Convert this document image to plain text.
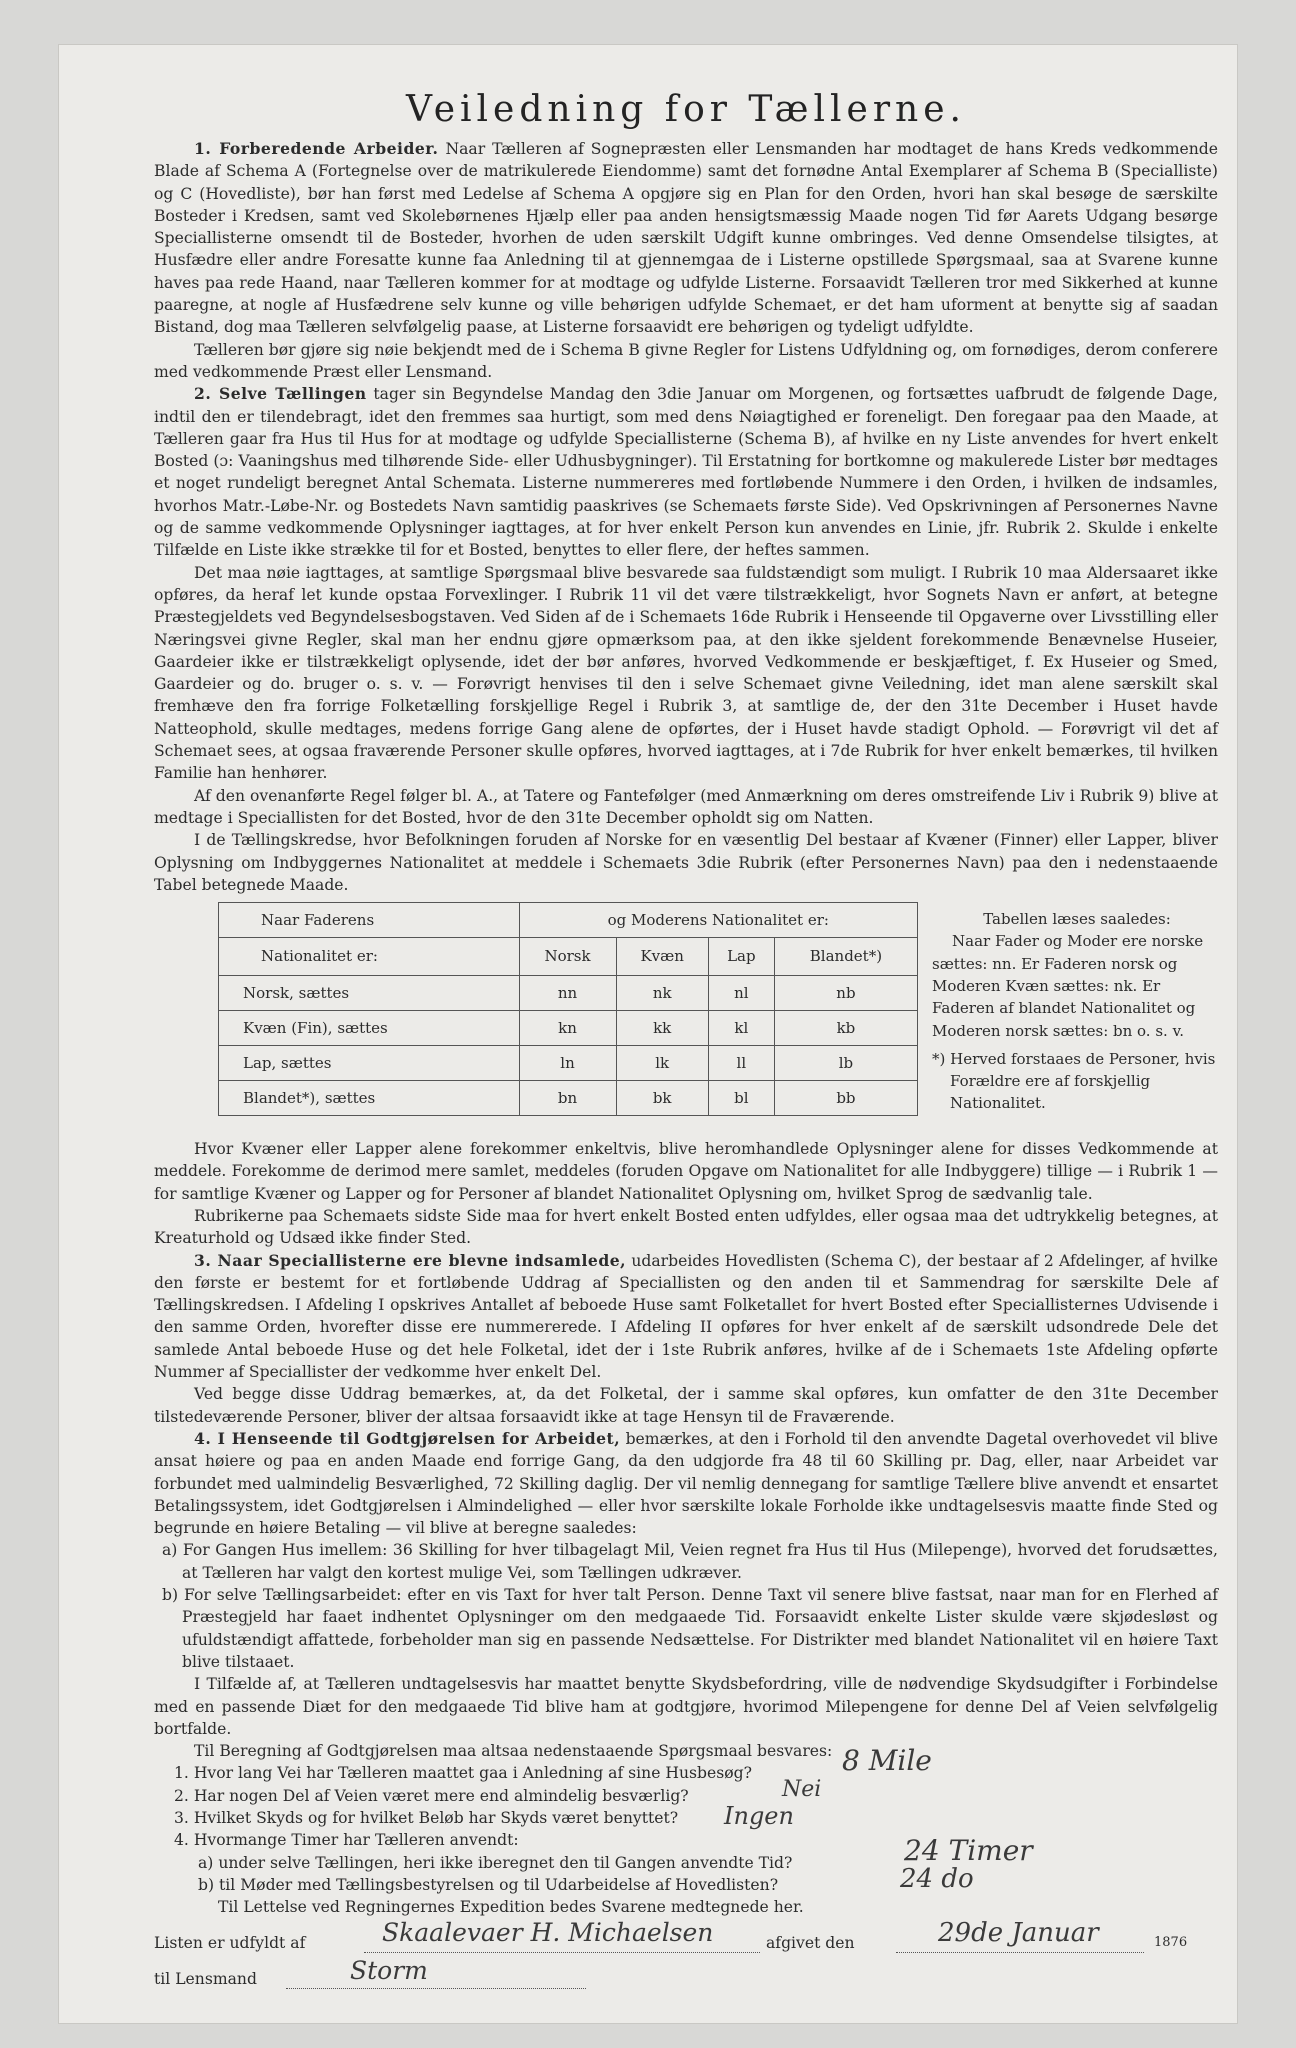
Veiledning for Tællerne.

1. Forberedende Arbeider. Naar Tælleren af Sognepræsten eller Lensmanden har modtaget de hans Kreds vedkommende Blade af Schema A (Fortegnelse over de matrikulerede Eiendomme) samt det fornødne Antal Exemplarer af Schema B (Specialliste) og C (Hovedliste), bør han først med Ledelse af Schema A opgjøre sig en Plan for den Orden, hvori han skal besøge de særskilte Bosteder i Kredsen, samt ved Skolebørnenes Hjælp eller paa anden hensigtsmæssig Maade nogen Tid før Aarets Udgang besørge Speciallisterne omsendt til de Bosteder, hvorhen de uden særskilt Udgift kunne ombringes. Ved denne Omsendelse tilsigtes, at Husfædre eller andre Foresatte kunne faa Anledning til at gjennemgaa de i Listerne opstillede Spørgsmaal, saa at Svarene kunne haves paa rede Haand, naar Tælleren kommer for at modtage og udfylde Listerne. Forsaavidt Tælleren tror med Sikkerhed at kunne paaregne, at nogle af Husfædrene selv kunne og ville behørigen udfylde Schemaet, er det ham uforment at benytte sig af saadan Bistand, dog maa Tælleren selvfølgelig paase, at Listerne forsaavidt ere behørigen og tydeligt udfyldte.

Tælleren bør gjøre sig nøie bekjendt med de i Schema B givne Regler for Listens Udfyldning og, om fornødiges, derom conferere med vedkommende Præst eller Lensmand.

2. Selve Tællingen tager sin Begyndelse Mandag den 3die Januar om Morgenen, og fortsættes uafbrudt de følgende Dage, indtil den er tilendebragt, idet den fremmes saa hurtigt, som med dens Nøiagtighed er foreneligt. Den foregaar paa den Maade, at Tælleren gaar fra Hus til Hus for at modtage og udfylde Speciallisterne (Schema B), af hvilke en ny Liste anvendes for hvert enkelt Bosted (ɔ: Vaaningshus med tilhørende Side- eller Udhusbygninger). Til Erstatning for bortkomne og makulerede Lister bør medtages et noget rundeligt beregnet Antal Schemata. Listerne nummereres med fortløbende Nummere i den Orden, i hvilken de indsamles, hvorhos Matr.-Løbe-Nr. og Bostedets Navn samtidig paaskrives (se Schemaets første Side). Ved Opskrivningen af Personernes Navne og de samme vedkommende Oplysninger iagttages, at for hver enkelt Person kun anvendes en Linie, jfr. Rubrik 2. Skulde i enkelte Tilfælde en Liste ikke strække til for et Bosted, benyttes to eller flere, der heftes sammen.

Det maa nøie iagttages, at samtlige Spørgsmaal blive besvarede saa fuldstændigt som muligt. I Rubrik 10 maa Aldersaaret ikke opføres, da heraf let kunde opstaa Forvexlinger. I Rubrik 11 vil det være tilstrækkeligt, hvor Sognets Navn er anført, at betegne Præstegjeldets ved Begyndelsesbogstaven. Ved Siden af de i Schemaets 16de Rubrik i Henseende til Opgaverne over Livsstilling eller Næringsvei givne Regler, skal man her endnu gjøre opmærksom paa, at den ikke sjeldent forekommende Benævnelse Huseier, Gaardeier ikke er tilstrækkeligt oplysende, idet der bør anføres, hvorved Vedkommende er beskjæftiget, f. Ex Huseier og Smed, Gaardeier og do. bruger o. s. v. — Forøvrigt henvises til den i selve Schemaet givne Veiledning, idet man alene særskilt skal fremhæve den fra forrige Folketælling forskjellige Regel i Rubrik 3, at samtlige de, der den 31te December i Huset havde Natteophold, skulle medtages, medens forrige Gang alene de opførtes, der i Huset havde stadigt Ophold. — Forøvrigt vil det af Schemaet sees, at ogsaa fraværende Personer skulle opføres, hvorved iagttages, at i 7de Rubrik for hver enkelt bemærkes, til hvilken Familie han henhører.

Af den ovenanførte Regel følger bl. A., at Tatere og Fantefølger (med Anmærkning om deres omstreifende Liv i Rubrik 9) blive at medtage i Speciallisten for det Bosted, hvor de den 31te December opholdt sig om Natten.

I de Tællingskredse, hvor Befolkningen foruden af Norske for en væsentlig Del bestaar af Kvæner (Finner) eller Lapper, bliver Oplysning om Indbyggernes Nationalitet at meddele i Schemaets 3die Rubrik (efter Personernes Navn) paa den i nedenstaaende Tabel betegnede Maade.

Naar Faderens	og Moderens Nationalitet er:			
Nationalitet er:	Norsk	Kvæn	Lap	Blandet*)
Norsk, sættes	nn	nk	nl	nb
Kvæn (Fin), sættes	kn	kk	kl	kb
Lap, sættes	ln	lk	ll	lb
Blandet*), sættes	bn	bk	bl	bb

Tabellen læses saaledes:

Naar Fader og Moder ere norske sættes: nn. Er Faderen norsk og Moderen Kvæn sættes: nk. Er Faderen af blandet Nationalitet og Moderen norsk sættes: bn o. s. v.

*) Herved forstaaes de Personer, hvis Forældre ere af forskjellig Nationalitet.

Hvor Kvæner eller Lapper alene forekommer enkeltvis, blive heromhandlede Oplysninger alene for disses Vedkommende at meddele. Forekomme de derimod mere samlet, meddeles (foruden Opgave om Nationalitet for alle Indbyggere) tillige — i Rubrik 1 — for samtlige Kvæner og Lapper og for Personer af blandet Nationalitet Oplysning om, hvilket Sprog de sædvanlig tale.

Rubrikerne paa Schemaets sidste Side maa for hvert enkelt Bosted enten udfyldes, eller ogsaa maa det udtrykkelig betegnes, at Kreaturhold og Udsæd ikke finder Sted.

3. Naar Speciallisterne ere blevne indsamlede, udarbeides Hovedlisten (Schema C), der bestaar af 2 Afdelinger, af hvilke den første er bestemt for et fortløbende Uddrag af Speciallisten og den anden til et Sammendrag for særskilte Dele af Tællingskredsen. I Afdeling I opskrives Antallet af beboede Huse samt Folketallet for hvert Bosted efter Speciallisternes Udvisende i den samme Orden, hvorefter disse ere nummererede. I Afdeling II opføres for hver enkelt af de særskilt udsondrede Dele det samlede Antal beboede Huse og det hele Folketal, idet der i 1ste Rubrik anføres, hvilke af de i Schemaets 1ste Afdeling opførte Nummer af Speciallister der vedkomme hver enkelt Del.

Ved begge disse Uddrag bemærkes, at, da det Folketal, der i samme skal opføres, kun omfatter de den 31te December tilstedeværende Personer, bliver der altsaa forsaavidt ikke at tage Hensyn til de Fraværende.

4. I Henseende til Godtgjørelsen for Arbeidet, bemærkes, at den i Forhold til den anvendte Dagetal overhovedet vil blive ansat høiere og paa en anden Maade end forrige Gang, da den udgjorde fra 48 til 60 Skilling pr. Dag, eller, naar Arbeidet var forbundet med ualmindelig Besværlighed, 72 Skilling daglig. Der vil nemlig dennegang for samtlige Tællere blive anvendt et ensartet Betalingssystem, idet Godtgjørelsen i Almindelighed — eller hvor særskilte lokale Forholde ikke undtagelsesvis maatte finde Sted og begrunde en høiere Betaling — vil blive at beregne saaledes:

a) For Gangen Hus imellem: 36 Skilling for hver tilbagelagt Mil, Veien regnet fra Hus til Hus (Milepenge), hvorved det forudsættes, at Tælleren har valgt den kortest mulige Vei, som Tællingen udkræver.

b) For selve Tællingsarbeidet: efter en vis Taxt for hver talt Person. Denne Taxt vil senere blive fastsat, naar man for en Flerhed af Præstegjeld har faaet indhentet Oplysninger om den medgaaede Tid. Forsaavidt enkelte Lister skulde være skjødesløst og ufuldstændigt affattede, forbeholder man sig en passende Nedsættelse. For Distrikter med blandet Nationalitet vil en høiere Taxt blive tilstaaet.

I Tilfælde af, at Tælleren undtagelsesvis har maattet benytte Skydsbefordring, ville de nødvendige Skydsudgifter i Forbindelse med en passende Diæt for den medgaaede Tid blive ham at godtgjøre, hvorimod Milepengene for denne Del af Veien selvfølgelig bortfalde.

Til Beregning af Godtgjørelsen maa altsaa nedenstaaende Spørgsmaal besvares:

1. Hvor lang Vei har Tælleren maattet gaa i Anledning af sine Husbesøg?	8 Mile
2. Har nogen Del af Veien været mere end almindelig besværlig?	Nei
3. Hvilket Skyds og for hvilket Beløb har Skyds været benyttet? Ingen
4. Hvormange Timer har Tælleren anvendt:
a) under selve Tællingen, heri ikke iberegnet den til Gangen anvendte Tid?	24 Timer
b) til Møder med Tællingsbestyrelsen og til Udarbeidelse af Hovedlisten?	24 do

Til Lettelse ved Regningernes Expedition bedes Svarene medtegnede her.

Listen er udfyldt af	Skaalevaer H. Michaelsen	afgivet den	29de Januar	1876
til Lensmand	Storm
